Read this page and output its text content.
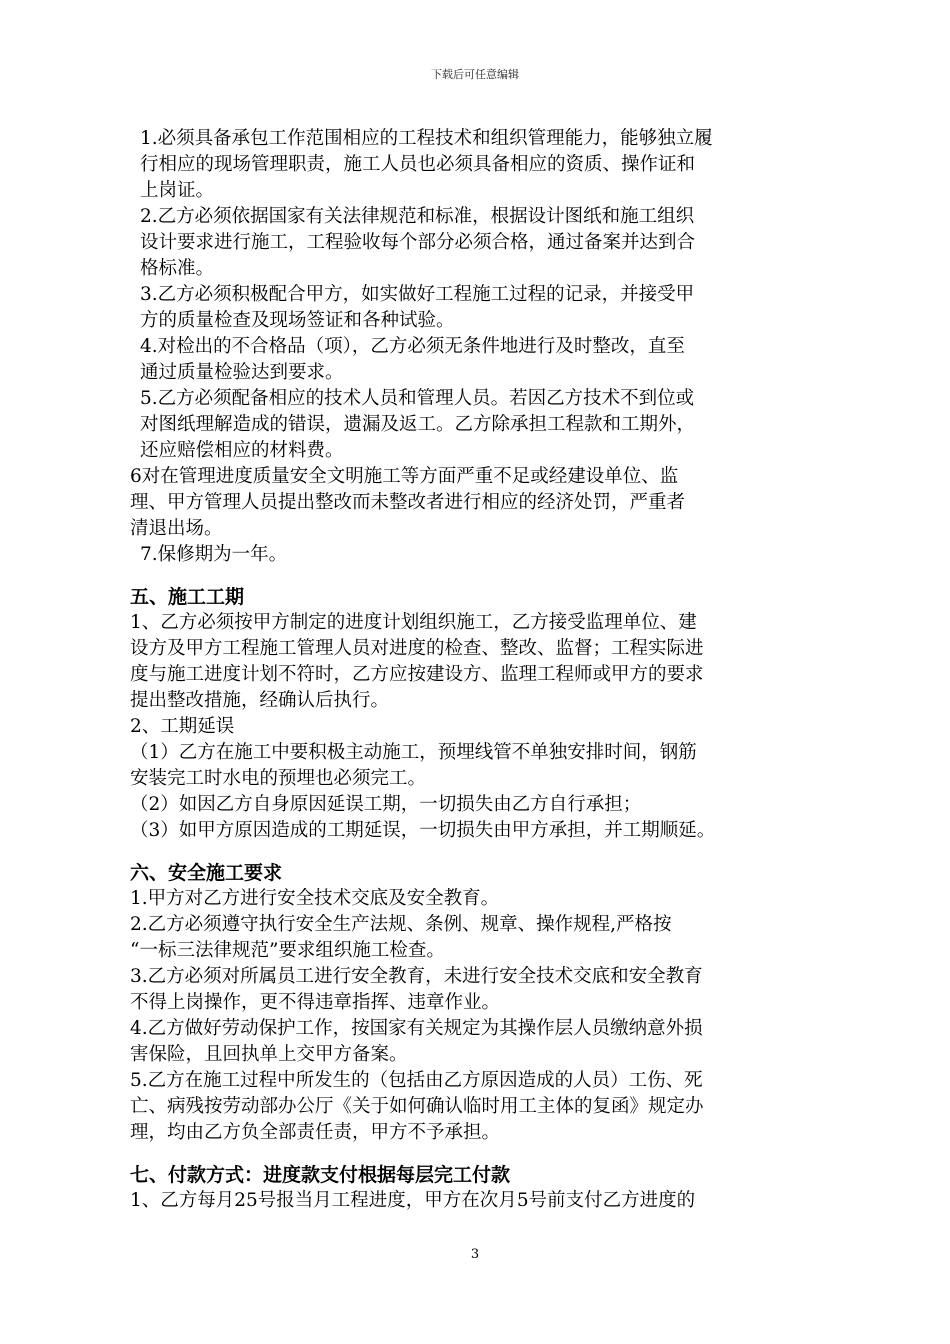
下载后可任意编辑

1.必须具备承包工作范围相应的工程技术和组织管理能力，能够独立履
行相应的现场管理职责，施工人员也必须具备相应的资质、操作证和
上岗证。

2.乙方必须依据国家有关法律规范和标准，根据设计图纸和施工组织
设计要求进行施工，工程验收每个部分必须合格，通过备案并达到合
格标准。

3.乙方必须积极配合甲方，如实做好工程施工过程的记录，并接受甲
方的质量检查及现场签证和各种试验。

4.对检出的不合格品（项），乙方必须无条件地进行及时整改，直至
通过质量检验达到要求。

5.乙方必须配备相应的技术人员和管理人员。若因乙方技术不到位或
对图纸理解造成的错误，遗漏及返工。乙方除承担工程款和工期外，
还应赔偿相应的材料费。

6对在管理进度质量安全文明施工等方面严重不足或经建设单位、监
理、甲方管理人员提出整改而未整改者进行相应的经济处罚，严重者
清退出场。

7.保修期为一年。

五、施工工期

1、乙方必须按甲方制定的进度计划组织施工，乙方接受监理单位、建
设方及甲方工程施工管理人员对进度的检查、整改、监督；工程实际进
度与施工进度计划不符时，乙方应按建设方、监理工程师或甲方的要求
提出整改措施，经确认后执行。

2、工期延误

（1）乙方在施工中要积极主动施工，预埋线管不单独安排时间，钢筋
安装完工时水电的预埋也必须完工。

（2）如因乙方自身原因延误工期，一切损失由乙方自行承担；

（3）如甲方原因造成的工期延误，一切损失由甲方承担，并工期顺延。

六、安全施工要求

1.甲方对乙方进行安全技术交底及安全教育。

2.乙方必须遵守执行安全生产法规、条例、规章、操作规程,严格按
“一标三法律规范”要求组织施工检查。

3.乙方必须对所属员工进行安全教育，未进行安全技术交底和安全教育
不得上岗操作，更不得违章指挥、违章作业。

4.乙方做好劳动保护工作，按国家有关规定为其操作层人员缴纳意外损
害保险，且回执单上交甲方备案。

5.乙方在施工过程中所发生的（包括由乙方原因造成的人员）工伤、死
亡、病残按劳动部办公厅《关于如何确认临时用工主体的复函》规定办
理，均由乙方负全部责任责，甲方不予承担。

七、付款方式：进度款支付根据每层完工付款

1、乙方每月25号报当月工程进度，甲方在次月5号前支付乙方进度的

3
